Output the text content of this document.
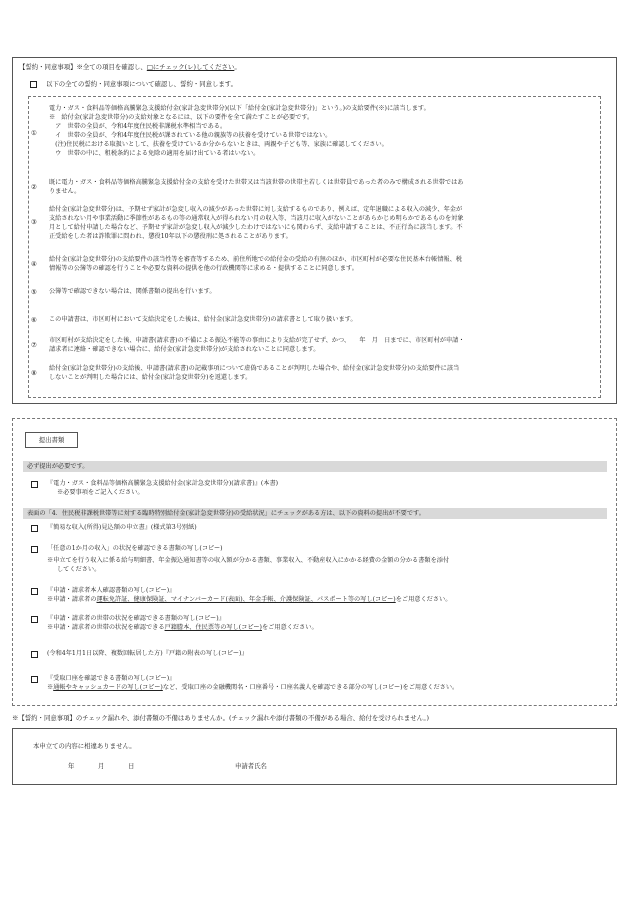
【誓約・同意事項】※全ての項目を確認し、□にチェック(レ)してください。
以下の全ての誓約・同意事項について確認し、誓約・同意します。
①

電力・ガス・食料品等価格高騰緊急支援給付金(家計急変世帯分)(以下「給付金(家計急変世帯分)」という。)の支給要件(※)に該当します。

※　給付金(家計急変世帯分)の支給対象となるには、以下の要件を全て満たすことが必要です。

　ア　世帯の全員が、令和4年度住民税非課税水準相当である。

　イ　世帯の全員が、令和4年度住民税が課されている他の親族等の扶養を受けている世帯ではない。

　(注)住民税における取扱いとして、扶養を受けているか分からないときは、両親や子ども等、家族に確認してください。

　ウ　世帯の中に、租税条約による免除の適用を届け出ている者はいない。

②

既に電力・ガス・食料品等価格高騰緊急支援給付金の支給を受けた世帯又は当該世帯の世帯主若しくは世帯員であった者のみで構成される世帯ではあ

りません。

③

給付金(家計急変世帯分)は、予期せず家計が急変し収入の減少があった世帯に対し支給するものであり、例えば、定年退職による収入の減少、年金が

支給されない月や事業活動に季節性があるもの等の通常収入が得られない月の収入等、当該月に収入がないことがあらかじめ明らかであるものを対象

月として給付申請した場合など、予期せず家計が急変し収入が減少したわけではないにも関わらず、支給申請することは、不正行為に該当します。不

正受給をした者は詐欺罪に問われ、懲役10年以下の懲役刑に処されることがあります。

④

給付金(家計急変世帯分)の支給要件の該当性等を審査等するため、前住所地での給付金の受給の有無のほか、市区町村が必要な住民基本台帳情報、税

情報等の公簿等の確認を行うことや必要な資料の提供を他の行政機関等に求める・提供することに同意します。

⑤	公簿等で確認できない場合は、関係書類の提出を行います。

⑥	この申請書は、市区町村において支給決定をした後は、給付金(家計急変世帯分)の請求書として取り扱います。

⑦

市区町村が支給決定をした後、申請書(請求書)の不備による振込不能等の事由により支給が完了せず、かつ、　　年　月　日までに、市区町村が申請・

請求者に連絡・確認できない場合に、給付金(家計急変世帯分)が支給されないことに同意します。

⑧

給付金(家計急変世帯分)の支給後、申請書(請求書)の記載事項について虚偽であることが判明した場合や、給付金(家計急変世帯分)の支給要件に該当

しないことが判明した場合には、給付金(家計急変世帯分)を返還します。

提出書類
必ず提出が必要です。

『電力・ガス・食料品等価格高騰緊急支援給付金(家計急変世帯分)(請求書)』(本書)

※必要事項をご記入ください。

表面の「4．住民税非課税世帯等に対する臨時特別給付金(家計急変世帯分)の受給状況」にチェックがある方は、以下の資料の提出が不要です。

『簡易な収入(所得)見込額の申立書』(様式第3号別紙)

「任意の1か月の収入」の状況を確認できる書類の写し(コピー)

※申立てを行う収入に係る給与明細書、年金振込通知書等の収入額が分かる書類、事業収入、不動産収入にかかる経費の金額の分かる書類を添付

してください。

『申請・請求者本人確認書類の写し(コピー)』

※申請・請求者の運転免許証、健康保険証、マイナンバーカード(表面)、年金手帳、介護保険証、パスポート等の写し(コピー)をご用意ください。

『申請・請求者の世帯の状況を確認できる書類の写し(コピー)』

※申請・請求者の世帯の状況を確認できる戸籍謄本、住民票等の写し(コピー)をご用意ください。

(令和4年1月1日以降、複数回転居した方)『戸籍の附表の写し(コピー)』

『受取口座を確認できる書類の写し(コピー)』

※通帳やキャッシュカードの写し(コピー)など、受取口座の金融機関名・口座番号・口座名義人を確認できる部分の写し(コピー)をご用意ください。

※【誓約・同意事項】のチェック漏れや、添付書類の不備はありませんか。(チェック漏れや添付書類の不備がある場合、給付を受けられません。)
本申立ての内容に相違ありません。
年	月	日	申請者氏名
